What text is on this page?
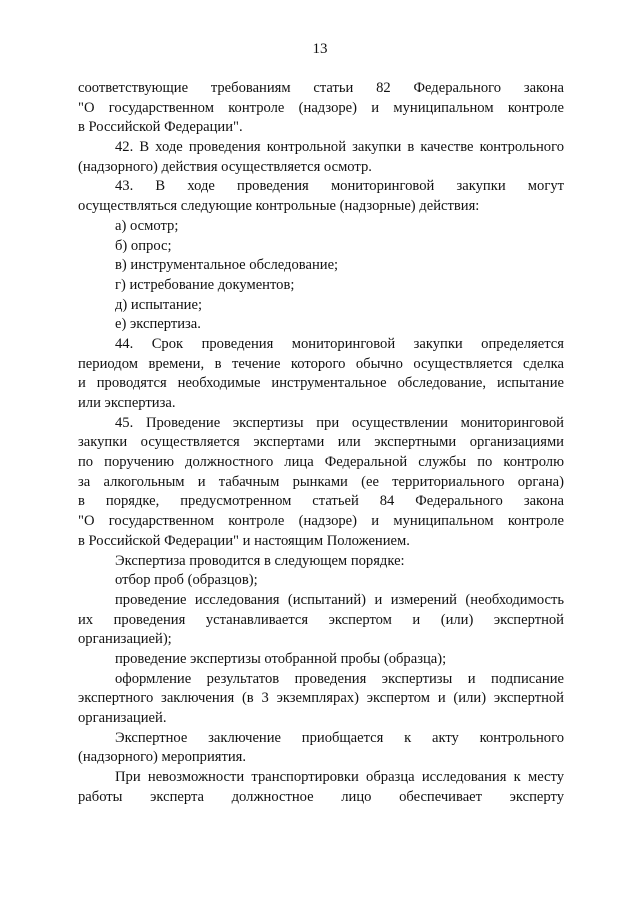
13
соответствующие требованиям статьи 82 Федерального закона
"О государственном контроле (надзоре) и муниципальном контроле
в Российской Федерации".
42. В ходе проведения контрольной закупки в качестве контрольного
(надзорного) действия осуществляется осмотр.
43. В ходе проведения мониторинговой закупки могут
осуществляться следующие контрольные (надзорные) действия:
а) осмотр;
б) опрос;
в) инструментальное обследование;
г) истребование документов;
д) испытание;
е) экспертиза.
44. Срок проведения мониторинговой закупки определяется
периодом времени, в течение которого обычно осуществляется сделка
и проводятся необходимые инструментальное обследование, испытание
или экспертиза.
45. Проведение экспертизы при осуществлении мониторинговой
закупки осуществляется экспертами или экспертными организациями
по поручению должностного лица Федеральной службы по контролю
за алкогольным и табачным рынками (ее территориального органа)
в порядке, предусмотренном статьей 84 Федерального закона
"О государственном контроле (надзоре) и муниципальном контроле
в Российской Федерации" и настоящим Положением.
Экспертиза проводится в следующем порядке:
отбор проб (образцов);
проведение исследования (испытаний) и измерений (необходимость
их проведения устанавливается экспертом и (или) экспертной
организацией);
проведение экспертизы отобранной пробы (образца);
оформление результатов проведения экспертизы и подписание
экспертного заключения (в 3 экземплярах) экспертом и (или) экспертной
организацией.
Экспертное заключение приобщается к акту контрольного
(надзорного) мероприятия.
При невозможности транспортировки образца исследования к месту
работы эксперта должностное лицо обеспечивает эксперту
